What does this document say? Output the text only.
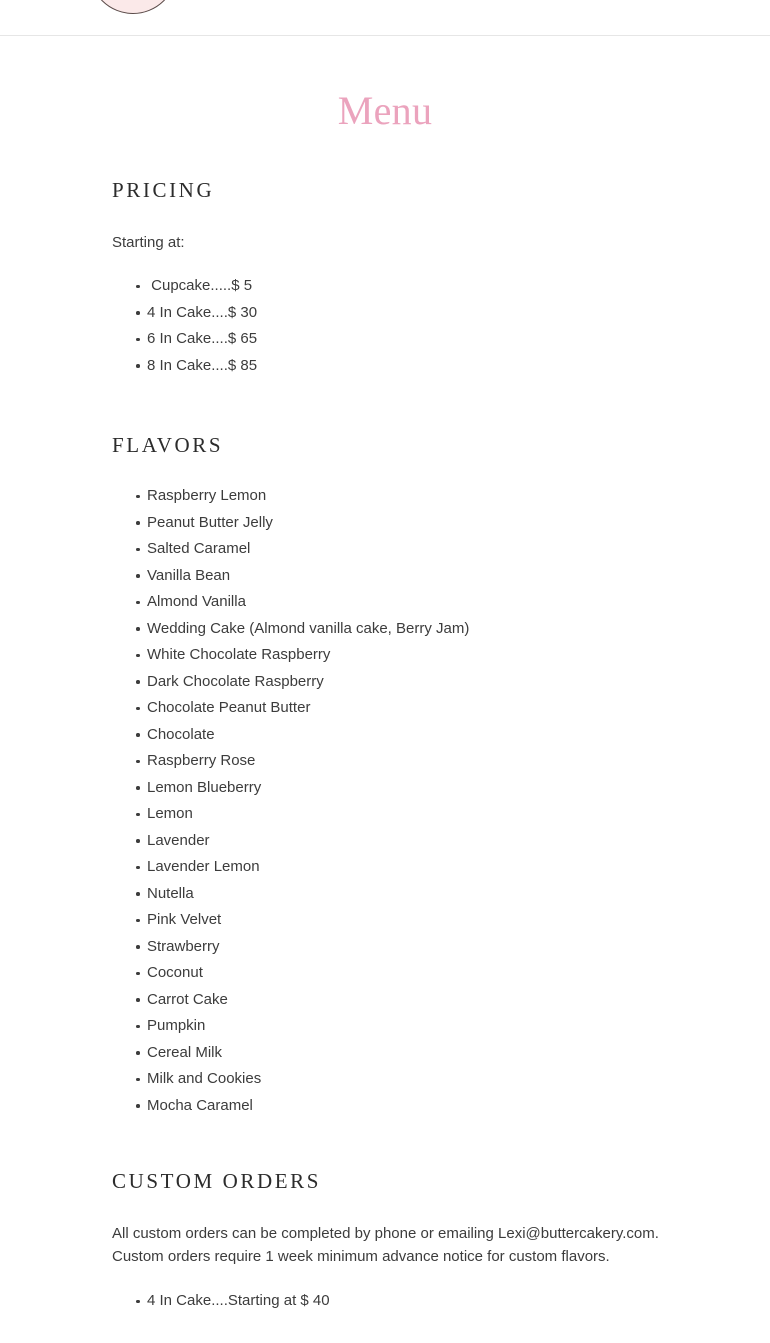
Menu
PRICING

Starting at:

Cupcake.....$ 5
4 In Cake....$ 30
6 In Cake....$ 65
8 In Cake....$ 85
FLAVORS
Raspberry Lemon
Peanut Butter Jelly
Salted Caramel
Vanilla Bean
Almond Vanilla
Wedding Cake (Almond vanilla cake, Berry Jam)
White Chocolate Raspberry
Dark Chocolate Raspberry
Chocolate Peanut Butter
Chocolate
Raspberry Rose
Lemon Blueberry
Lemon
Lavender
Lavender Lemon
Nutella
Pink Velvet
Strawberry
Coconut
Carrot Cake
Pumpkin
Cereal Milk
Milk and Cookies
Mocha Caramel
CUSTOM ORDERS

All custom orders can be completed by phone or emailing Lexi@buttercakery.com. Custom orders require 1 week minimum advance notice for custom flavors.

4 In Cake....Starting at $ 40
